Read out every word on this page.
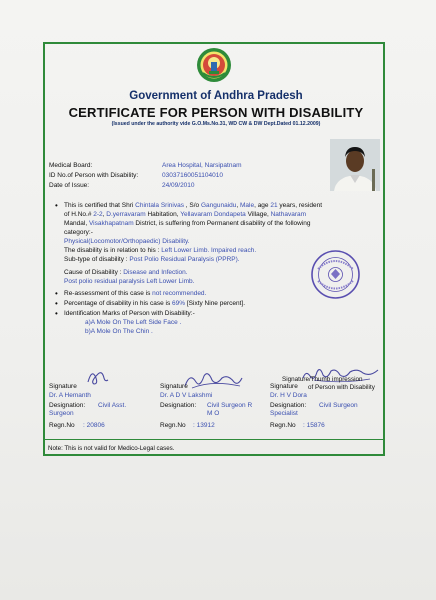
Government of Andhra Pradesh
CERTIFICATE FOR PERSON WITH DISABILITY
(Issued under the authority vide G.O.Ms.No.31, WD CW & DW Dept.Dated 01.12.2009)
Medical Board:	Area Hospital, Narsipatnam
ID No.of Person with Disability:	03037160051104010
Date of Issue:	24/09/2010
• This is certified that Shri Chintala Srinivas , S/o Gangunaidu, Male, age 21 years, resident
of H.No.# 2-2, D.yerravaram Habitation, Yellavaram Dondapeta Village, Nathavaram
Mandal, Visakhapatnam District, is suffering from Permanent disability of the following
category:-
Physical(Locomotor/Orthopaedic) Disability.
The disability is in relation to his : Left Lower Limb. Impaired reach.
Sub-type of disability : Post Polio Residual Paralysis (PPRP).
Cause of Disability : Disease and Infection.
Post polio residual paralysis Left Lower Limb.
• Re-assessment of this case is not recommended.
• Percentage of disability in his case is 69% [Sixty Nine percent].
• Identification Marks of Person with Disability:-
a)A Mole On The Left Side Face .
b)A Mole On The Chin .
Signature/Thumb impression
of Person with Disability
Signature
Dr. A Hemanth
Designation: Civil Asst.
Surgeon
Regn.No : 20806
Signature
Dr. A D V Lakshmi
Designation: Civil Surgeon R
M O
Regn.No : 13912
Signature
Dr. H V Dora
Designation: Civil Surgeon
Specialist
Regn.No : 15876
Note: This is not valid for Medico-Legal cases.
